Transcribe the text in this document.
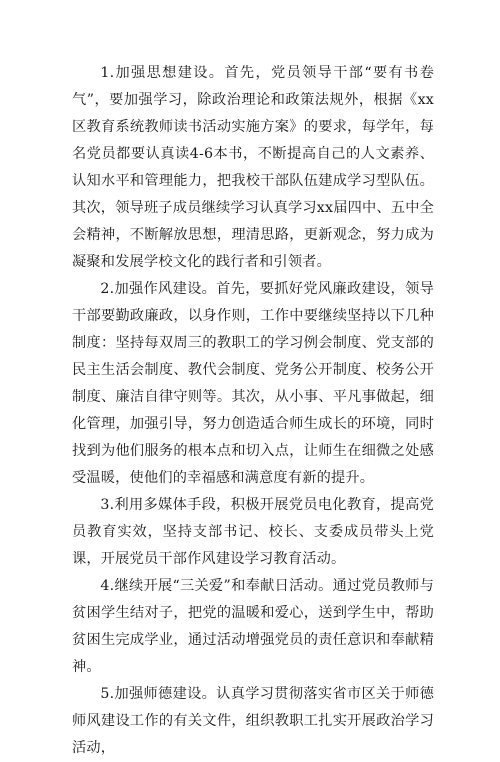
1.加强思想建设。首先，党员领导干部“要有书卷气”，要加强学习，除政治理论和政策法规外，根据《xx区教育系统教师读书活动实施方案》的要求，每学年，每名党员都要认真读4-6本书，不断提高自己的人文素养、认知水平和管理能力，把我校干部队伍建成学习型队伍。其次，领导班子成员继续学习认真学习xx届四中、五中全会精神，不断解放思想，理清思路，更新观念，努力成为凝聚和发展学校文化的践行者和引领者。

2.加强作风建设。首先，要抓好党风廉政建设，领导干部要勤政廉政，以身作则，工作中要继续坚持以下几种制度：坚持每双周三的教职工的学习例会制度、党支部的民主生活会制度、教代会制度、党务公开制度、校务公开制度、廉洁自律守则等。其次，从小事、平凡事做起，细化管理，加强引导，努力创造适合师生成长的环境，同时找到为他们服务的根本点和切入点，让师生在细微之处感受温暖，使他们的幸福感和满意度有新的提升。

3.利用多媒体手段，积极开展党员电化教育，提高党员教育实效，坚持支部书记、校长、支委成员带头上党课，开展党员干部作风建设学习教育活动。

4.继续开展“三关爱”和奉献日活动。通过党员教师与贫困学生结对子，把党的温暖和爱心，送到学生中，帮助贫困生完成学业，通过活动增强党员的责任意识和奉献精神。

5.加强师德建设。认真学习贯彻落实省市区关于师德师风建设工作的有关文件，组织教职工扎实开展政治学习活动，
